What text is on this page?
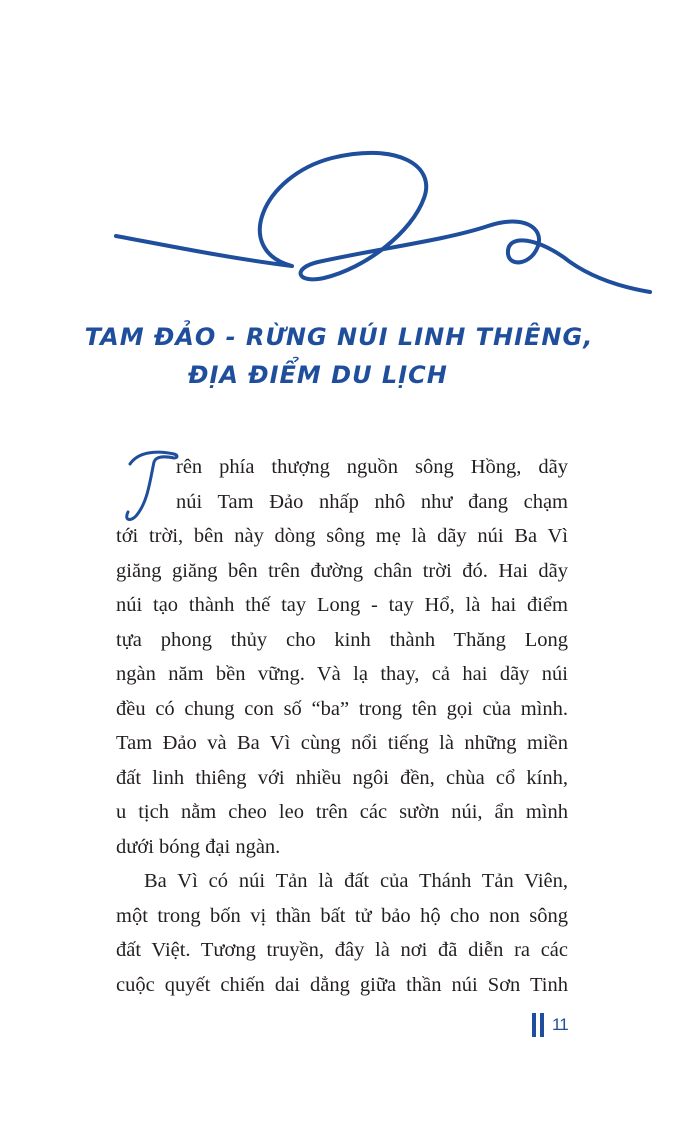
TAM ĐẢO - RỪNG NÚI LINH THIÊNG,
ĐỊA ĐIỂM DU LỊCH
T
rên phía thượng nguồn sông Hồng, dãy
núi Tam Đảo nhấp nhô như đang chạm
tới trời, bên này dòng sông mẹ là dãy núi Ba Vì
giăng giăng bên trên đường chân trời đó. Hai dãy
núi tạo thành thế tay Long - tay Hổ, là hai điểm
tựa phong thủy cho kinh thành Thăng Long
ngàn năm bền vững. Và lạ thay, cả hai dãy núi
đều có chung con số “ba” trong tên gọi của mình.
Tam Đảo và Ba Vì cùng nổi tiếng là những miền
đất linh thiêng với nhiều ngôi đền, chùa cổ kính,
u tịch nằm cheo leo trên các sườn núi, ẩn mình
dưới bóng đại ngàn.
Ba Vì có núi Tản là đất của Thánh Tản Viên,
một trong bốn vị thần bất tử bảo hộ cho non sông
đất Việt. Tương truyền, đây là nơi đã diễn ra các
cuộc quyết chiến dai dẳng giữa thần núi Sơn Tinh
11
